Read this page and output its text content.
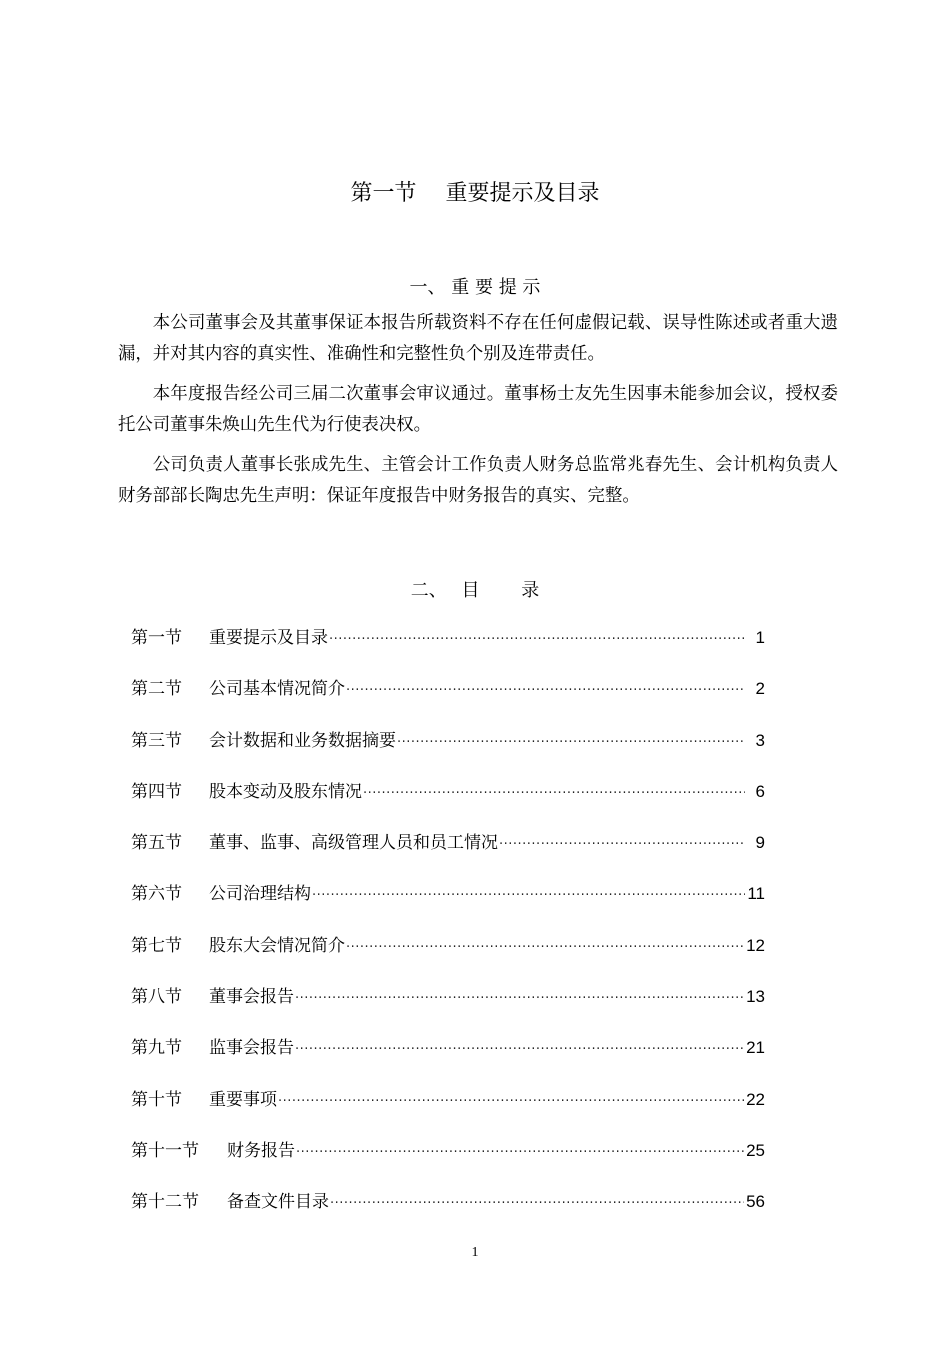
第一节　 重要提示及目录
一、 重 要 提 示

本公司董事会及其董事保证本报告所载资料不存在任何虚假记载、误导性陈述或者重大遗漏，并对其内容的真实性、准确性和完整性负个别及连带责任。

本年度报告经公司三届二次董事会审议通过。董事杨士友先生因事未能参加会议，授权委托公司董事朱焕山先生代为行使表决权。

公司负责人董事长张成先生、主管会计工作负责人财务总监常兆春先生、会计机构负责人财务部部长陶忠先生声明：保证年度报告中财务报告的真实、完整。

二、　 目　　 录
第一节	重要提示及目录 ·····	1
第二节	公司基本情况简介 ·····	2
第三节	会计数据和业务数据摘要 ·····	3
第四节	股本变动及股东情况 ·····	6
第五节	董事、监事、高级管理人员和员工情况 ·····	9
第六节	公司治理结构 ·····	11
第七节	股东大会情况简介 ·····	12
第八节	董事会报告 ·····	13
第九节	监事会报告 ·····	21
第十节	重要事项 ·····	22
第十一节	财务报告 ·····	25
第十二节	备查文件目录 ·····	56
1
